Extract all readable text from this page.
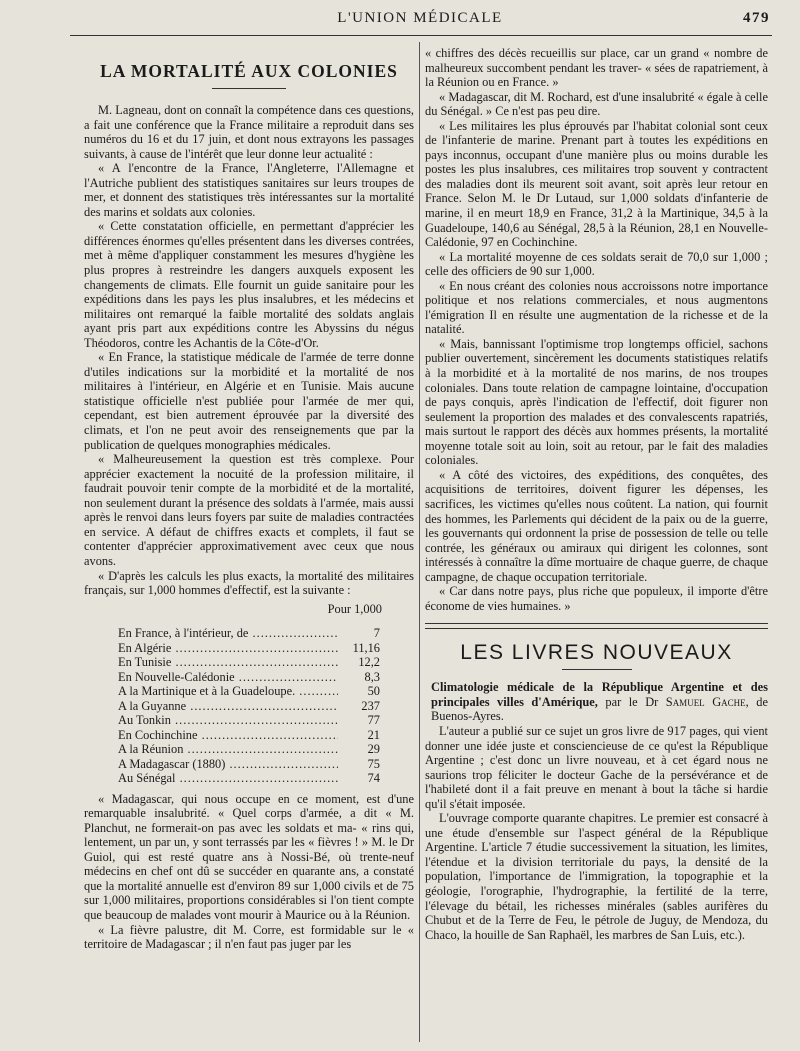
L'UNION MÉDICALE	479
LA MORTALITÉ AUX COLONIES

M. Lagneau, dont on connaît la compétence dans ces questions, a fait une conférence que la France militaire a reproduit dans ses numéros du 16 et du 17 juin, et dont nous extrayons les passages suivants, à cause de l'intérêt que leur donne leur actualité :

« A l'encontre de la France, l'Angleterre, l'Allemagne et l'Autriche publient des statistiques sanitaires sur leurs troupes de mer, et donnent des statistiques très intéressantes sur la mortalité des marins et soldats aux colonies.

« Cette constatation officielle, en permettant d'apprécier les différences énormes qu'elles présentent dans les diverses contrées, met à même d'appliquer constamment les mesures d'hygiène les plus propres à restreindre les dangers auxquels exposent les changements de climats. Elle fournit un guide sanitaire pour les expéditions dans les pays les plus insalubres, et les médecins et militaires ont remarqué la faible mortalité des soldats anglais ayant pris part aux expéditions contre les Abyssins du négus Théodoros, contre les Achantis de la Côte-d'Or.

« En France, la statistique médicale de l'armée de terre donne d'utiles indications sur la morbidité et la mortalité de nos militaires à l'intérieur, en Algérie et en Tunisie. Mais aucune statistique officielle n'est publiée pour l'armée de mer qui, cependant, est bien autrement éprouvée par la diversité des climats, et l'on ne peut avoir des renseignements que par la publication de quelques monographies médicales.

« Malheureusement la question est très complexe. Pour apprécier exactement la nocuité de la profession militaire, il faudrait pouvoir tenir compte de la morbidité et de la mortalité, non seulement durant la présence des soldats à l'armée, mais aussi après le renvoi dans leurs foyers par suite de maladies contractées en service. A défaut de chiffres exacts et complets, il faut se contenter d'apprécier approximativement avec ceux que nous avons.

« D'après les calculs les plus exacts, la mortalité des militaires français, sur 1,000 hommes d'effectif, est la suivante :

Pour 1,000
En France, à l'intérieur, de .....	7
En Algérie .....	11,16
En Tunisie .....	12,2
En Nouvelle-Calédonie .....	8,3
A la Martinique et à la Guadeloupe. .....	50
A la Guyanne .....	237
Au Tonkin .....	77
En Cochinchine .....	21
A la Réunion .....	29
A Madagascar (1880) .....	75
Au Sénégal .....	74

« Madagascar, qui nous occupe en ce moment, est d'une remarquable insalubrité. « Quel corps d'armée, a dit « M. Planchut, ne formerait-on pas avec les soldats et ma- « rins qui, lentement, un par un, y sont terrassés par les « fièvres ! » M. le Dr Guiol, qui est resté quatre ans à Nossi-Bé, où trente-neuf médecins en chef ont dû se succéder en quarante ans, a constaté que la mortalité annuelle est d'environ 89 sur 1,000 civils et de 75 sur 1,000 militaires, proportions considérables si l'on tient compte que beaucoup de malades vont mourir à Maurice ou à la Réunion.

« La fièvre palustre, dit M. Corre, est formidable sur le « territoire de Madagascar ; il n'en faut pas juger par les

« chiffres des décès recueillis sur place, car un grand « nombre de malheureux succombent pendant les traver- « sées de rapatriement, à la Réunion ou en France. »

« Madagascar, dit M. Rochard, est d'une insalubrité « égale à celle du Sénégal. » Ce n'est pas peu dire.

« Les militaires les plus éprouvés par l'habitat colonial sont ceux de l'infanterie de marine. Prenant part à toutes les expéditions en pays inconnus, occupant d'une manière plus ou moins durable les postes les plus insalubres, ces militaires trop souvent y contractent des maladies dont ils meurent soit avant, soit après leur retour en France. Selon M. le Dr Lutaud, sur 1,000 soldats d'infanterie de marine, il en meurt 18,9 en France, 31,2 à la Martinique, 34,5 à la Guadeloupe, 140,6 au Sénégal, 28,5 à la Réunion, 28,1 en Nouvelle-Calédonie, 97 en Cochinchine.

« La mortalité moyenne de ces soldats serait de 70,0 sur 1,000 ; celle des officiers de 90 sur 1,000.

« En nous créant des colonies nous accroissons notre importance politique et nos relations commerciales, et nous augmentons l'émigration Il en résulte une augmentation de la richesse et de la natalité.

« Mais, bannissant l'optimisme trop longtemps officiel, sachons publier ouvertement, sincèrement les documents statistiques relatifs à la morbidité et à la mortalité de nos marins, de nos troupes coloniales. Dans toute relation de campagne lointaine, d'occupation de pays conquis, après l'indication de l'effectif, doit figurer non seulement la proportion des malades et des convalescents rapatriés, mais surtout le rapport des décès aux hommes présents, la mortalité moyenne totale soit au loin, soit au retour, par le fait des maladies coloniales.

« A côté des victoires, des expéditions, des conquêtes, des acquisitions de territoires, doivent figurer les dépenses, les sacrifices, les victimes qu'elles nous coûtent. La nation, qui fournit des hommes, les Parlements qui décident de la paix ou de la guerre, les gouvernants qui ordonnent la prise de possession de telle ou telle contrée, les généraux ou amiraux qui dirigent les colonnes, sont intéressés à connaître la dîme mortuaire de chaque guerre, de chaque campagne, de chaque occupation territoriale.

« Car dans notre pays, plus riche que populeux, il importe d'être économe de vies humaines. »

LES LIVRES NOUVEAUX

Climatologie médicale de la République Argentine et des principales villes d'Amérique, par le Dr Samuel Gache, de Buenos-Ayres.

L'auteur a publié sur ce sujet un gros livre de 917 pages, qui vient donner une idée juste et consciencieuse de ce qu'est la République Argentine ; c'est donc un livre nouveau, et à cet égard nous ne saurions trop féliciter le docteur Gache de la persévérance et de l'habileté dont il a fait preuve en menant à bout la tâche si hardie qu'il s'était imposée.

L'ouvrage comporte quarante chapitres. Le premier est consacré à une étude d'ensemble sur l'aspect général de la République Argentine. L'article 7 étudie successivement la situation, les limites, l'étendue et la division territoriale du pays, la densité de la population, l'importance de l'immigration, la topographie et la géologie, l'orographie, l'hydrographie, la fertilité de la terre, l'élevage du bétail, les richesses minérales (sables aurifères du Chubut et de la Terre de Feu, le pétrole de Juguy, de Mendoza, du Chaco, la houille de San Raphaël, les marbres de San Luis, etc.).
